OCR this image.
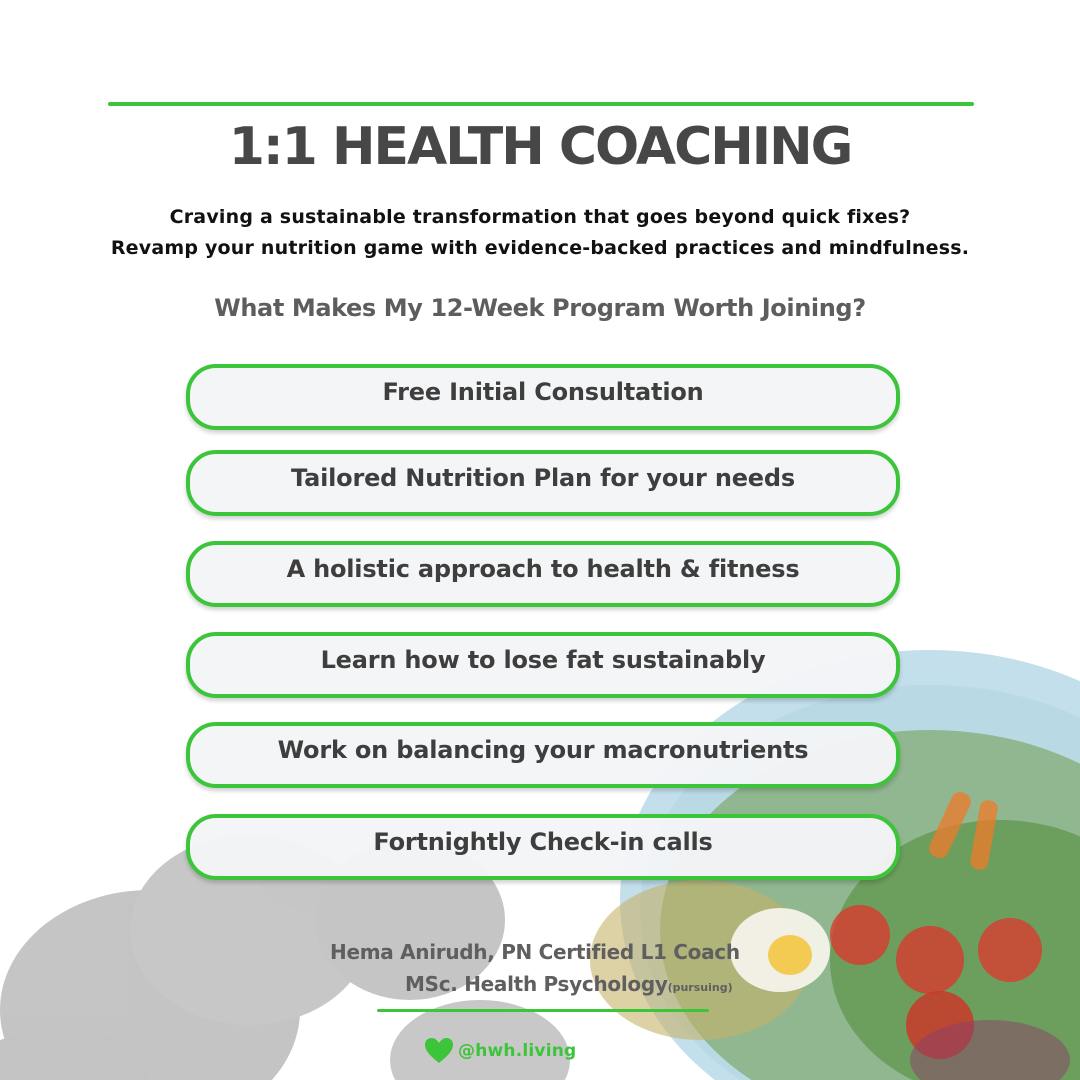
1:1 HEALTH COACHING
Craving a sustainable transformation that goes beyond quick fixes?
Revamp your nutrition game with evidence-backed practices and mindfulness.
What Makes My 12-Week Program Worth Joining?
Free Initial Consultation
Tailored Nutrition Plan for your needs
A holistic approach to health & fitness
Learn how to lose fat sustainably
Work on balancing your macronutrients
Fortnightly Check-in calls
Hema Anirudh, PN Certified L1 Coach
MSc. Health Psychology(pursuing)
@hwh.living
